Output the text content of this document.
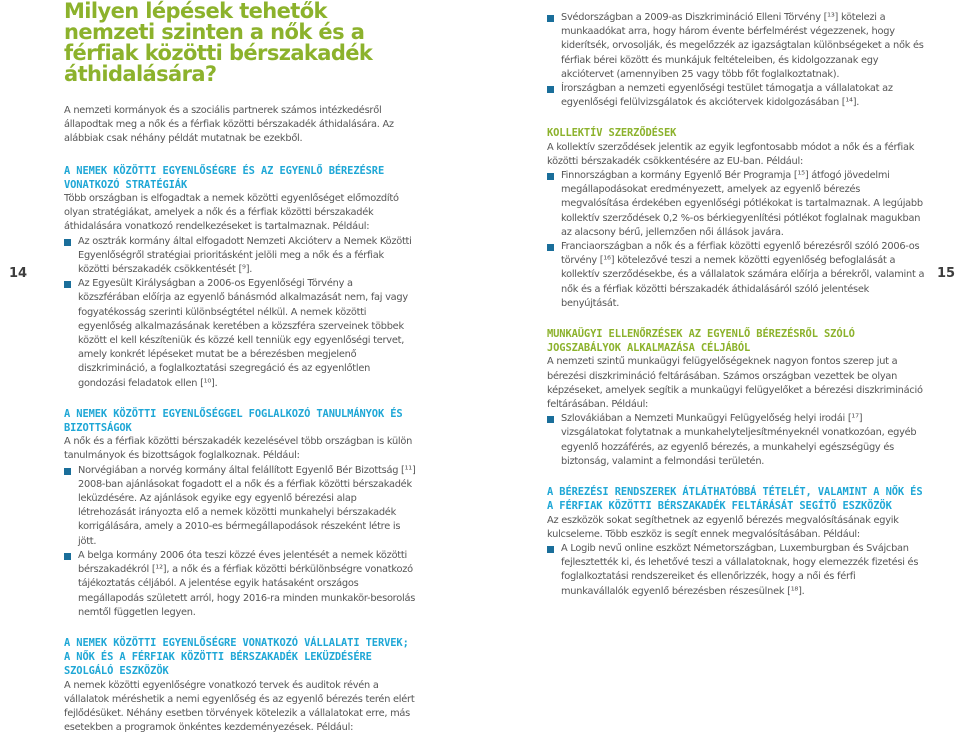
14	15
Milyen lépések tehetők nemzeti szinten a nők és a férfiak közötti bérszakadék áthidalására?

A nemzeti kormányok és a szociális partnerek számos intézkedésről állapodtak meg a nők és a férfiak közötti bérszakadék áthidalására. Az alábbiak csak néhány példát mutatnak be ezekből.

A NEMEK KÖZÖTTI EGYENLŐSÉGRE ÉS AZ EGYENLŐ BÉREZÉSRE VONATKOZÓ STRATÉGIÁK

Több országban is elfogadtak a nemek közötti egyenlőséget előmozdító olyan stratégiákat, amelyek a nők és a férfiak közötti bérszakadék áthidalására vonatkozó rendelkezéseket is tartalmaznak. Például:

Az osztrák kormány által elfogadott Nemzeti Akcióterv a Nemek Közötti Egyenlőségről stratégiai prioritásként jelöli meg a nők és a férfiak közötti bérszakadék csökkentését [⁹].
Az Egyesült Királyságban a 2006-os Egyenlőségi Törvény a közszférában előírja az egyenlő bánásmód alkalmazását nem, faj vagy fogyatékosság szerinti különbségtétel nélkül. A nemek közötti egyenlőség alkalmazásának keretében a közszféra szerveinek többek között el kell készíteniük és közzé kell tenniük egy egyenlőségi tervet, amely konkrét lépéseket mutat be a bérezésben megjelenő diszkrimináció, a foglalkoztatási szegregáció és az egyenlőtlen gondozási feladatok ellen [¹⁰].
A NEMEK KÖZÖTTI EGYENLŐSÉGGEL FOGLALKOZÓ TANULMÁNYOK ÉS BIZOTTSÁGOK

A nők és a férfiak közötti bérszakadék kezelésével több országban is külön tanulmányok és bizottságok foglalkoznak. Például:

Norvégiában a norvég kormány által felállított Egyenlő Bér Bizottság [¹¹] 2008-ban ajánlásokat fogadott el a nők és a férfiak közötti bérszakadék leküzdésére. Az ajánlások egyike egy egyenlő bérezési alap létrehozását irányozta elő a nemek közötti munkahelyi bérszakadék korrigálására, amely a 2010-es bérmegállapodások részeként létre is jött.
A belga kormány 2006 óta teszi közzé éves jelentését a nemek közötti bérszakadékról [¹²], a nők és a férfiak közötti bérkülönbségre vonatkozó tájékoztatás céljából. A jelentése egyik hatásaként országos megállapodás született arról, hogy 2016-ra minden munkakör-besorolás nemtől független legyen.
A NEMEK KÖZÖTTI EGYENLŐSÉGRE VONATKOZÓ VÁLLALATI TERVEK; A NŐK ÉS A FÉRFIAK KÖZÖTTI BÉRSZAKADÉK LEKÜZDÉSÉRE SZOLGÁLÓ ESZKÖZÖK

A nemek közötti egyenlőségre vonatkozó tervek és auditok révén a vállalatok méréshetik a nemi egyenlőség és az egyenlő bérezés terén elért fejlődésüket. Néhány esetben törvények kötelezik a vállalatokat erre, más esetekben a programok önkéntes kezdeményezések. Például:

Svédországban a 2009-as Diszkrimináció Elleni Törvény [¹³] kötelezi a munkaadókat arra, hogy három évente bérfelmérést végezzenek, hogy kiderítsék, orvosolják, és megelőzzék az igazságtalan különbségeket a nők és férfiak bérei között és munkájuk feltételeiben, és kidolgozzanak egy akciótervet (amennyiben 25 vagy több főt foglalkoztatnak).
Írországban a nemzeti egyenlőségi testület támogatja a vállalatokat az egyenlőségi felülvizsgálatok és akciótervek kidolgozásában [¹⁴].
KOLLEKTÍV SZERZŐDÉSEK

A kollektív szerződések jelentik az egyik legfontosabb módot a nők és a férfiak közötti bérszakadék csökkentésére az EU-ban. Például:

Finnországban a kormány Egyenlő Bér Programja [¹⁵] átfogó jövedelmi megállapodásokat eredményezett, amelyek az egyenlő bérezés megvalósítása érdekében egyenlőségi pótlékokat is tartalmaznak. A legújabb kollektív szerződések 0,2 %-os bérkiegyenlítési pótlékot foglalnak magukban az alacsony bérű, jellemzően női állások javára.
Franciaországban a nők és a férfiak közötti egyenlő bérezésről szóló 2006-os törvény [¹⁶] kötelezővé teszi a nemek közötti egyenlőség befoglalását a kollektív szerződésekbe, és a vállalatok számára előírja a bérekről, valamint a nők és a férfiak közötti bérszakadék áthidalásáról szóló jelentések benyújtását.
MUNKAÜGYI ELLENŐRZÉSEK AZ EGYENLŐ BÉREZÉSRŐL SZÓLÓ JOGSZABÁLYOK ALKALMAZÁSA CÉLJÁBÓL

A nemzeti szintű munkaügyi felügyelőségeknek nagyon fontos szerep jut a bérezési diszkrimináció feltárásában. Számos országban vezettek be olyan képzéseket, amelyek segítik a munkaügyi felügyelőket a bérezési diszkrimináció feltárásában. Például:

Szlovákiában a Nemzeti Munkaügyi Felügyelőség helyi irodái [¹⁷] vizsgálatokat folytatnak a munkahelyteljesítményeknél vonatkozóan, egyéb egyenlő hozzáférés, az egyenlő bérezés, a munkahelyi egészségügy és biztonság, valamint a felmondási területén.
A BÉREZÉSI RENDSZEREK ÁTLÁTHATÓBBÁ TÉTELÉT, VALAMINT A NŐK ÉS A FÉRFIAK KÖZÖTTI BÉRSZAKADÉK FELTÁRÁSÁT SEGÍTŐ ESZKÖZÖK

Az eszközök sokat segíthetnek az egyenlő bérezés megvalósításának egyik kulcseleme. Több eszköz is segít ennek megvalósításában. Például:

A Logib nevű online eszközt Németországban, Luxemburgban és Svájcban fejlesztették ki, és lehetővé teszi a vállalatoknak, hogy elemezzék fizetési és foglalkoztatási rendszereiket és ellenőrizzék, hogy a női és férfi munkavállalók egyenlő bérezésben részesülnek [¹⁸].
